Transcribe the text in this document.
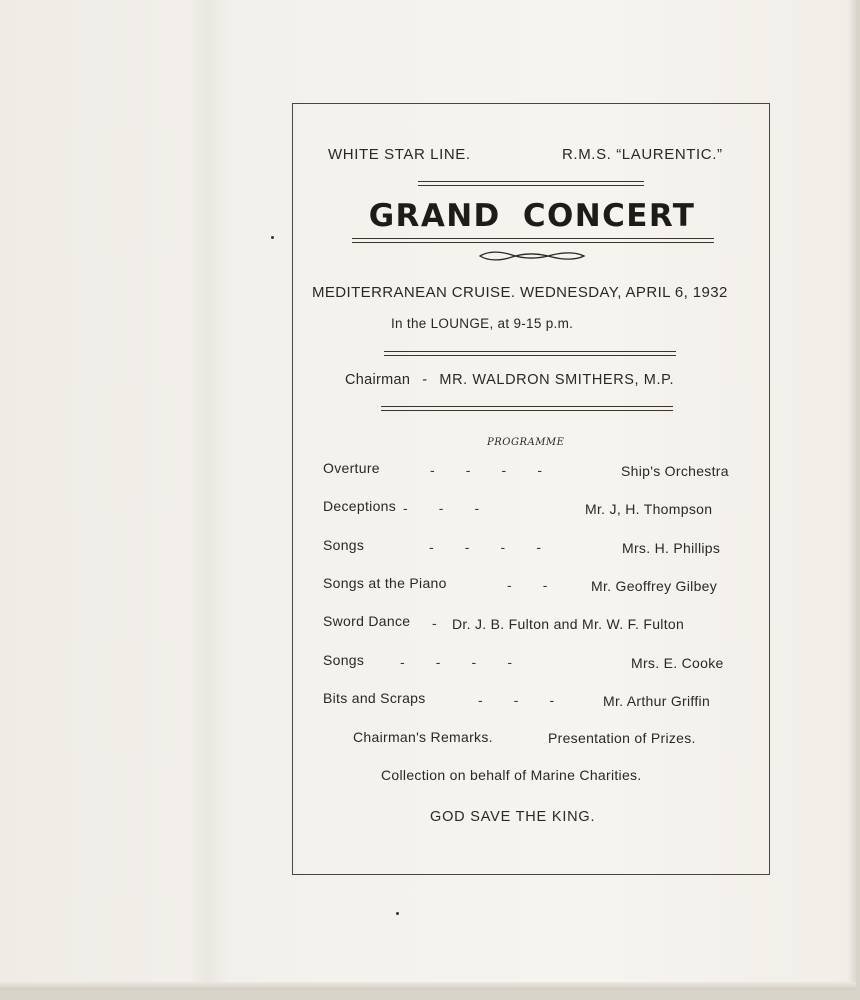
WHITE STAR LINE.	R.M.S. “LAURENTIC.”
GRAND CONCERT
MEDITERRANEAN CRUISE. WEDNESDAY, APRIL 6, 1932
In the LOUNGE, at 9-15 p.m.
Chairman - MR. WALDRON SMITHERS, M.P.
PROGRAMME
Overture	-        -        -        -	Ship's Orchestra
Deceptions -        -        -	Mr. J, H. Thompson
Songs	-        -        -        -	Mrs. H. Phillips
Songs at the Piano	-        -	Mr. Geoffrey Gilbey
Sword Dance - Dr. J. B. Fulton and Mr. W. F. Fulton
Songs	-        -        -        -	Mrs. E. Cooke
Bits and Scraps	-        -        -	Mr. Arthur Griffin
Chairman's Remarks.	Presentation of Prizes.
Collection on behalf of Marine Charities.
GOD SAVE THE KING.
